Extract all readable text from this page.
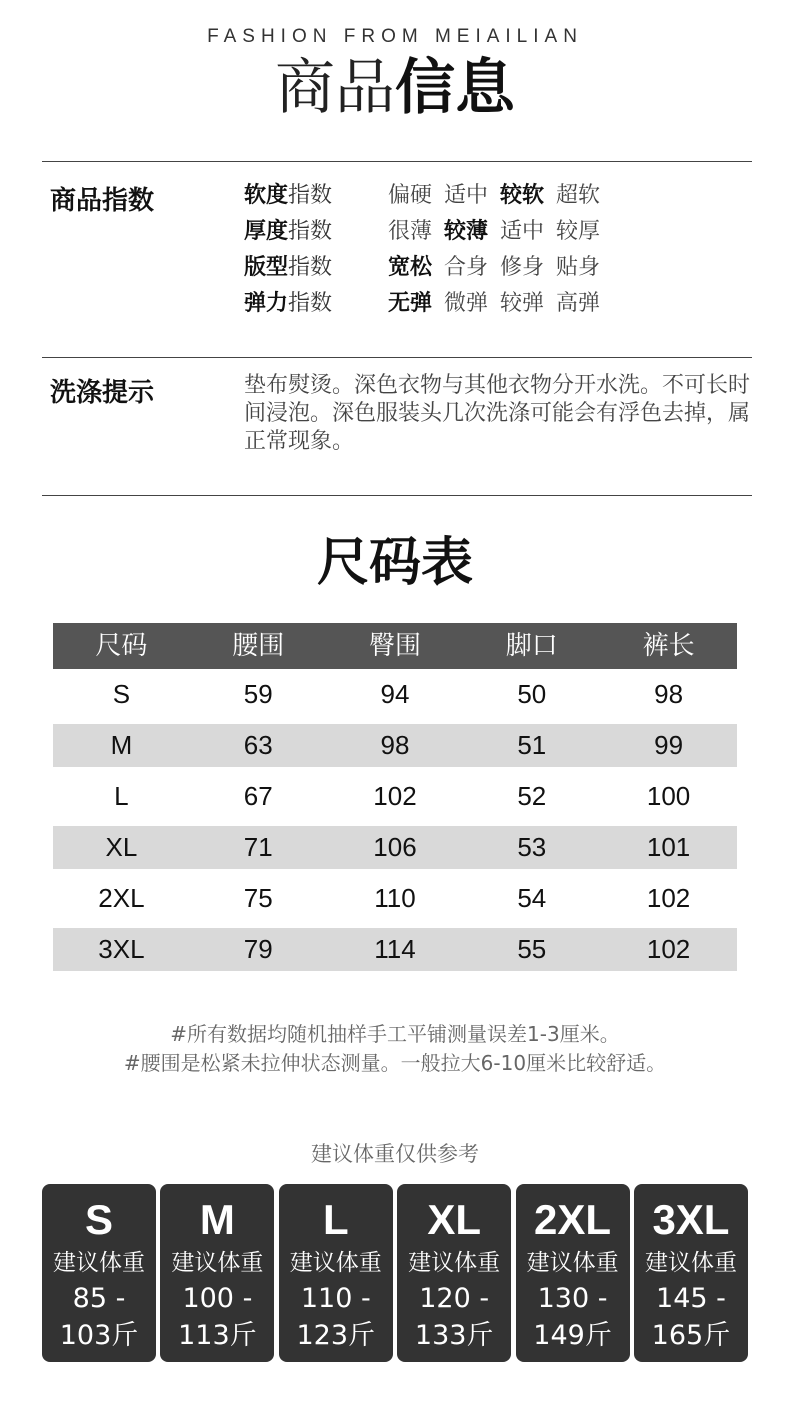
FASHION FROM MEIAILIAN
商品信息
商品指数	软度指数	偏硬 适中 较软 超软
厚度指数	很薄 较薄 适中 较厚
版型指数	宽松 合身 修身 贴身
弹力指数	无弹 微弹 较弹 高弹
洗涤提示	垫布熨烫。深色衣物与其他衣物分开水洗。不可长时间浸泡。深色服装头几次洗涤可能会有浮色去掉，属正常现象。
尺码表
尺码	腰围	臀围	脚口	裤长
S	59	94	50	98
M	63	98	51	99
L	67	102	52	100
XL	71	106	53	101
2XL	75	110	54	102
3XL	79	114	55	102
#所有数据均随机抽样手工平铺测量误差1-3厘米。
#腰围是松紧未拉伸状态测量。一般拉大6-10厘米比较舒适。
建议体重仅供参考
S
建议体重
85 -
103斤
M
建议体重
100 -
113斤
L
建议体重
110 -
123斤
XL
建议体重
120 -
133斤
2XL
建议体重
130 -
149斤
3XL
建议体重
145 -
165斤
